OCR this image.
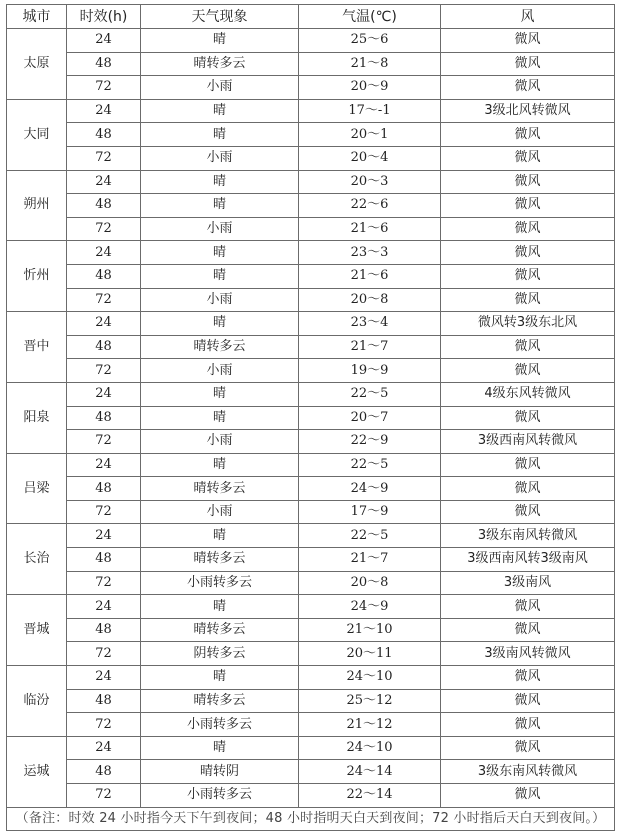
城市	时效(h)	天气现象	气温(℃)	风
太原	24	晴	25～6	微风
	48	晴转多云	21～8	微风
	72	小雨	20～9	微风
大同	24	晴	17～-1	3级北风转微风
	48	晴	20～1	微风
	72	小雨	20～4	微风
朔州	24	晴	20～3	微风
	48	晴	22～6	微风
	72	小雨	21～6	微风
忻州	24	晴	23～3	微风
	48	晴	21～6	微风
	72	小雨	20～8	微风
晋中	24	晴	23～4	微风转3级东北风
	48	晴转多云	21～7	微风
	72	小雨	19～9	微风
阳泉	24	晴	22～5	4级东风转微风
	48	晴	20～7	微风
	72	小雨	22～9	3级西南风转微风
吕梁	24	晴	22～5	微风
	48	晴转多云	24～9	微风
	72	小雨	17～9	微风
长治	24	晴	22～5	3级东南风转微风
	48	晴转多云	21～7	3级西南风转3级南风
	72	小雨转多云	20～8	3级南风
晋城	24	晴	24～9	微风
	48	晴转多云	21～10	微风
	72	阴转多云	20～11	3级南风转微风
临汾	24	晴	24～10	微风
	48	晴转多云	25～12	微风
	72	小雨转多云	21～12	微风
运城	24	晴	24～10	微风
	48	晴转阴	24～14	3级东南风转微风
	72	小雨转多云	22～14	微风
（备注：时效 24 小时指今天下午到夜间；48 小时指明天白天到夜间；72 小时指后天白天到夜间。）				
